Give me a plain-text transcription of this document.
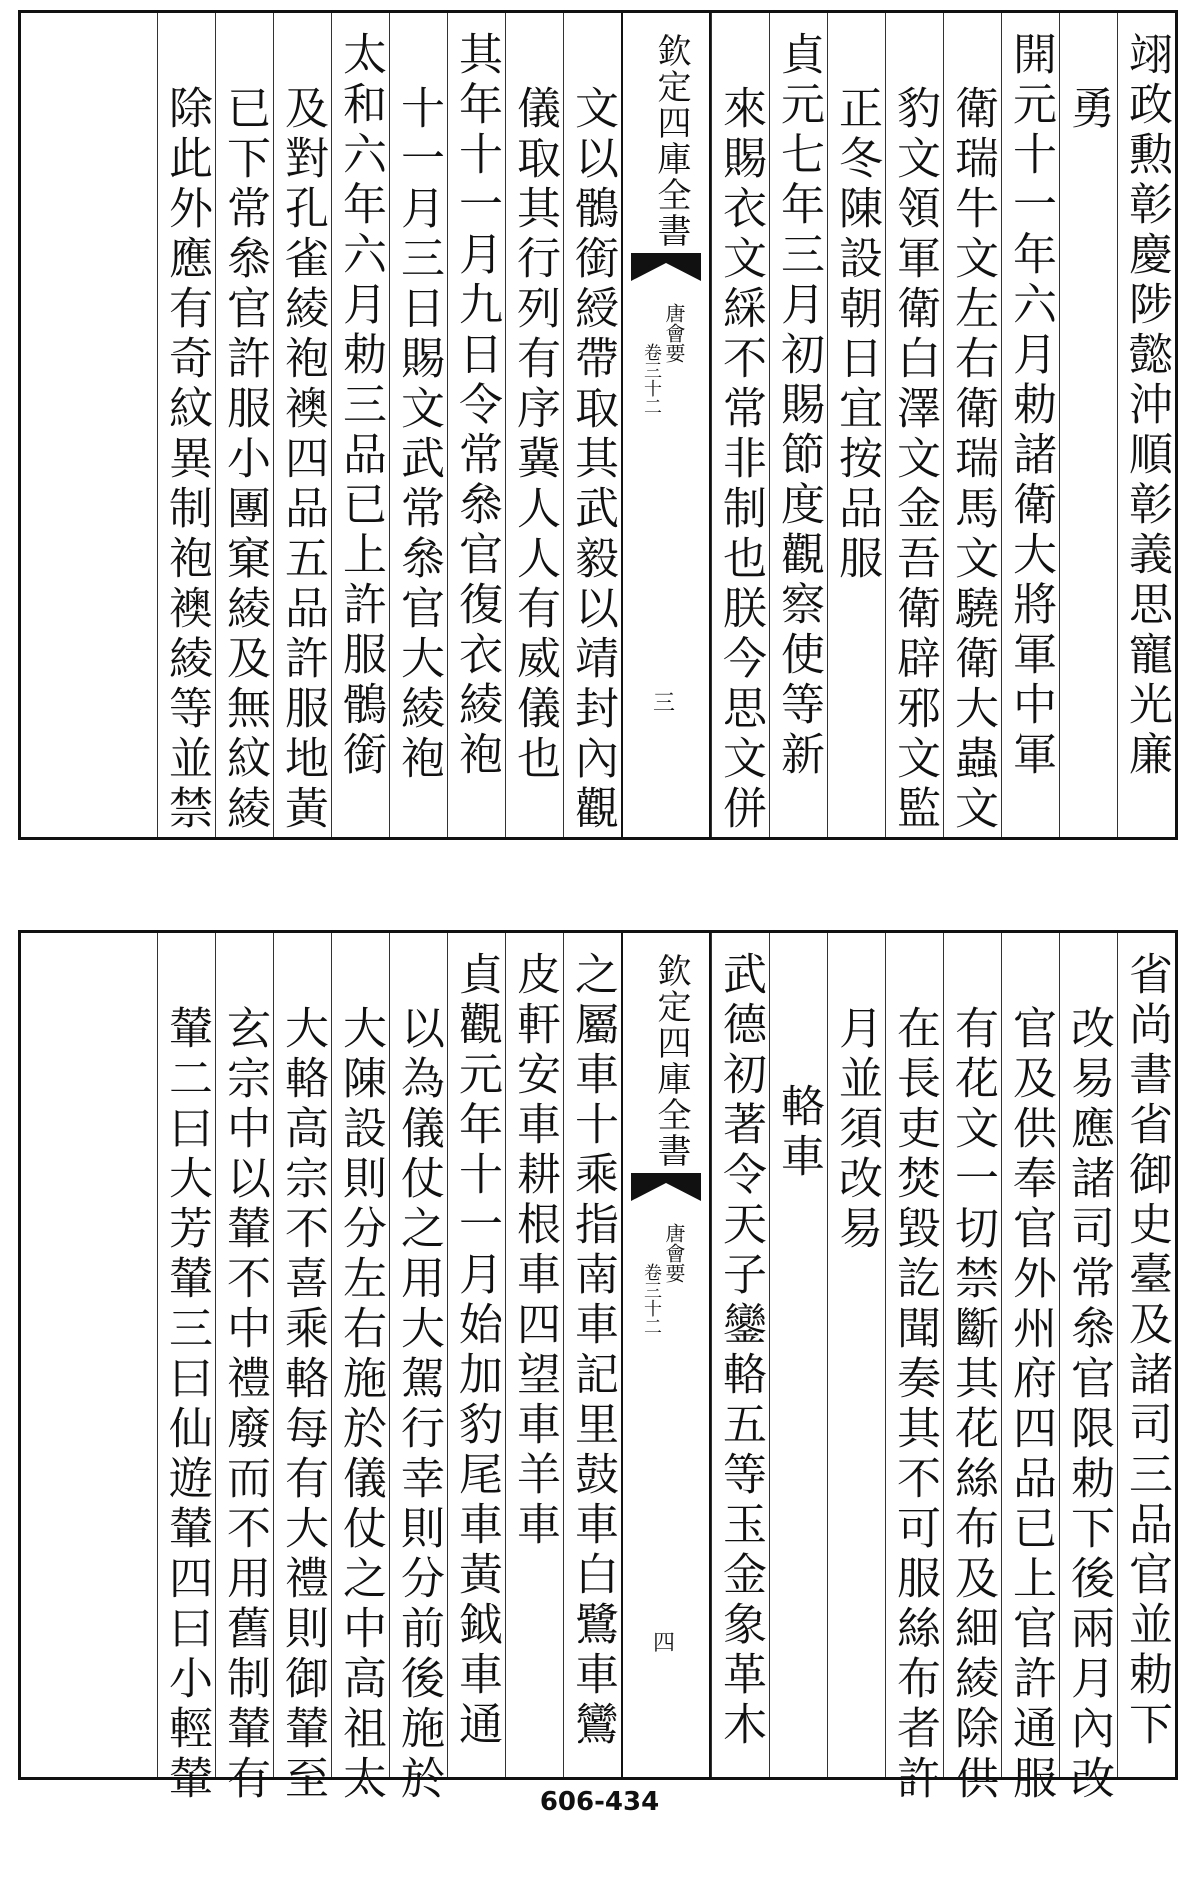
翊政勲彰慶陟懿沖順彰義思寵光廉
勇
開元十一年六月勅諸衛大將軍中軍
衛瑞牛文左右衛瑞馬文驍衛大蟲文
豹文領軍衛白澤文金吾衛辟邪文監
正冬陳設朝日宜按品服
貞元七年三月初賜節度觀察使等新
來賜衣文綵不常非制也朕今思文併
欽定四庫全書
唐會要
卷三十二
三
文以鶻銜綬帶取其武毅以靖封內觀
儀取其行列有序冀人人有威儀也
其年十一月九日令常叅官復衣綾袍
十一月三日賜文武常叅官大綾袍
太和六年六月勅三品已上許服鶻銜
及對孔雀綾袍襖四品五品許服地黃
已下常叅官許服小團窠綾及無紋綾
除此外應有奇紋異制袍襖綾等並禁
省尚書省御史臺及諸司三品官並勅下
改易應諸司常叅官限勅下後兩月內改
官及供奉官外州府四品已上官許通服
有花文一切禁斷其花絲布及細綾除供
在長吏焚毀訖聞奏其不可服絲布者許
月並須改易
輅車
武德初著令天子鑾輅五等玉金象革木
欽定四庫全書
唐會要
卷三十二
四
之屬車十乘指南車記里鼓車白鷺車鸞
皮軒安車耕根車四望車羊車
貞觀元年十一月始加豹尾車黃鉞車通
以為儀仗之用大駕行幸則分前後施於
大陳設則分左右施於儀仗之中高祖太
大輅高宗不喜乘輅每有大禮則御輦至
玄宗中以輦不中禮廢而不用舊制輦有
輦二曰大芳輦三曰仙遊輦四曰小輕輦	606-434
